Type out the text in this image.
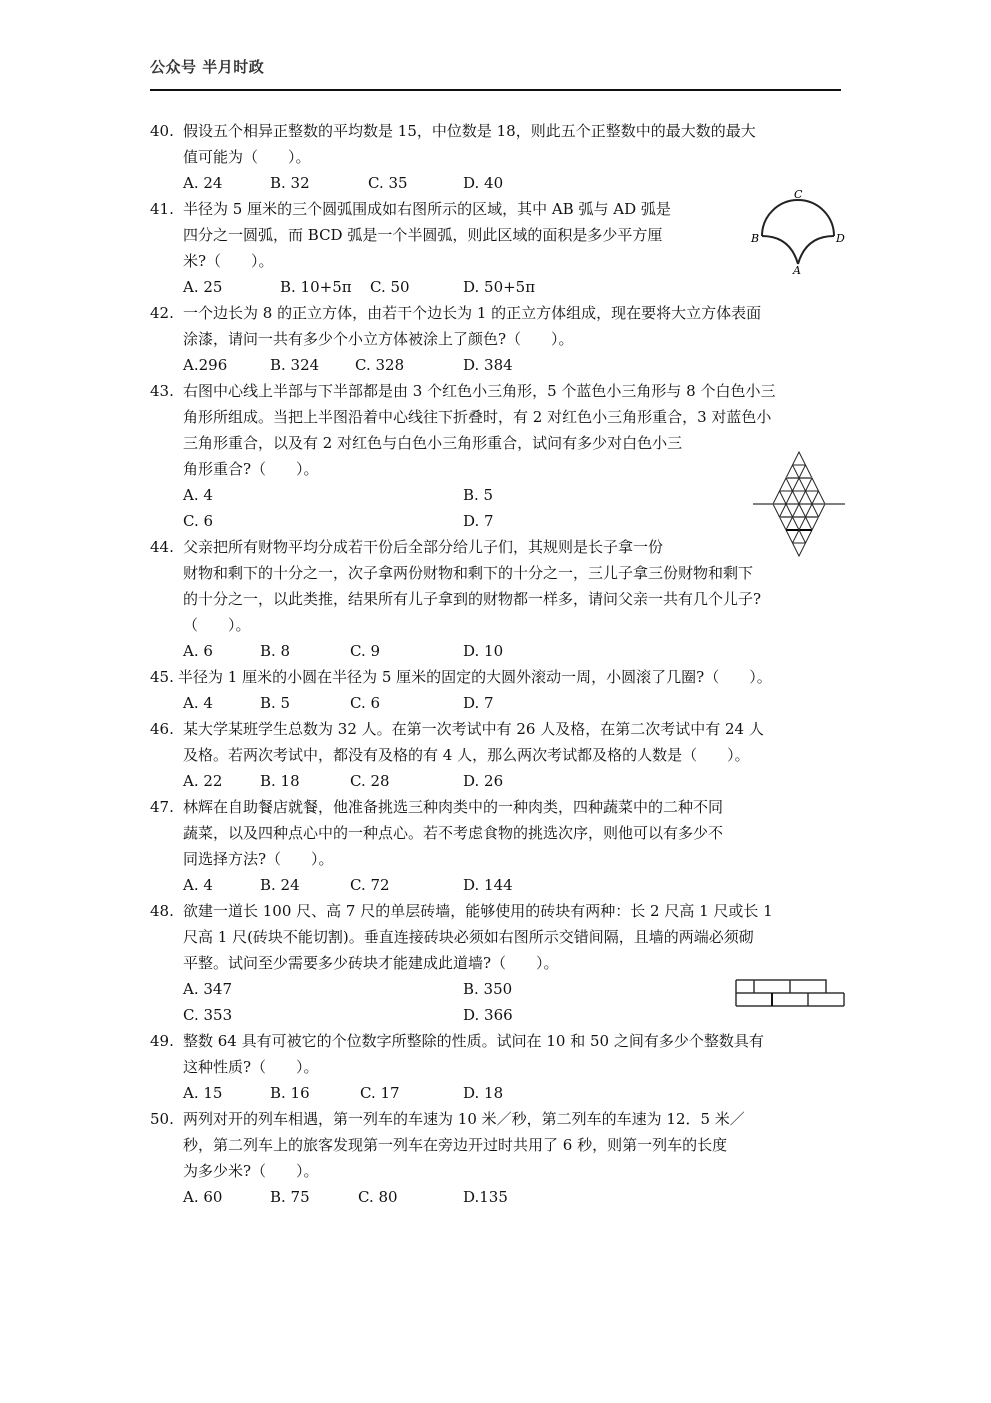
公众号 半月时政
40. 假设五个相异正整数的平均数是 15，中位数是 18，则此五个正整数中的最大数的最大
值可能为（　　）。
A. 24	B. 32	C. 35	D. 40
41. 半径为 5 厘米的三个圆弧围成如右图所示的区域，其中 AB 弧与 AD 弧是
四分之一圆弧，而 BCD 弧是一个半圆弧，则此区域的面积是多少平方厘
米?（　　）。
A. 25	B. 10+5π C. 50	D. 50+5π
C
B	D
A
42. 一个边长为 8 的正立方体，由若干个边长为 1 的正立方体组成，现在要将大立方体表面
涂漆，请问一共有多少个小立方体被涂上了颜色?（　　）。
A.296	B. 324 C. 328	D. 384
43. 右图中心线上半部与下半部都是由 3 个红色小三角形，5 个蓝色小三角形与 8 个白色小三
角形所组成。当把上半图沿着中心线往下折叠时，有 2 对红色小三角形重合，3 对蓝色小
三角形重合，以及有 2 对红色与白色小三角形重合，试问有多少对白色小三
角形重合?（　　）。
A. 4	B. 5
C. 6	D. 7
44. 父亲把所有财物平均分成若干份后全部分给儿子们，其规则是长子拿一份
财物和剩下的十分之一，次子拿两份财物和剩下的十分之一，三儿子拿三份财物和剩下
的十分之一，以此类推，结果所有儿子拿到的财物都一样多，请问父亲一共有几个儿子?
（　　）。
A. 6	B. 8	C. 9	D. 10
45. 半径为 1 厘米的小圆在半径为 5 厘米的固定的大圆外滚动一周，小圆滚了几圈?（　　）。
A. 4	B. 5	C. 6	D. 7
46. 某大学某班学生总数为 32 人。在第一次考试中有 26 人及格，在第二次考试中有 24 人
及格。若两次考试中，都没有及格的有 4 人，那么两次考试都及格的人数是（　　）。
A. 22	B. 18	C. 28	D. 26
47. 林辉在自助餐店就餐，他准备挑选三种肉类中的一种肉类，四种蔬菜中的二种不同
蔬菜，以及四种点心中的一种点心。若不考虑食物的挑选次序，则他可以有多少不
同选择方法?（　　）。
A. 4	B. 24	C. 72	D. 144
48. 欲建一道长 100 尺、高 7 尺的单层砖墙，能够使用的砖块有两种：长 2 尺高 1 尺或长 1
尺高 1 尺(砖块不能切割)。垂直连接砖块必须如右图所示交错间隔，且墙的两端必须砌
平整。试问至少需要多少砖块才能建成此道墙?（　　）。
A. 347	B. 350
C. 353	D. 366
49. 整数 64 具有可被它的个位数字所整除的性质。试问在 10 和 50 之间有多少个整数具有
这种性质?（　　）。
A. 15	B. 16	C. 17	D. 18
50. 两列对开的列车相遇，第一列车的车速为 10 米／秒，第二列车的车速为 12．5 米／
秒，第二列车上的旅客发现第一列车在旁边开过时共用了 6 秒，则第一列车的长度
为多少米?（　　）。
A. 60	B. 75	C. 80	D.135
